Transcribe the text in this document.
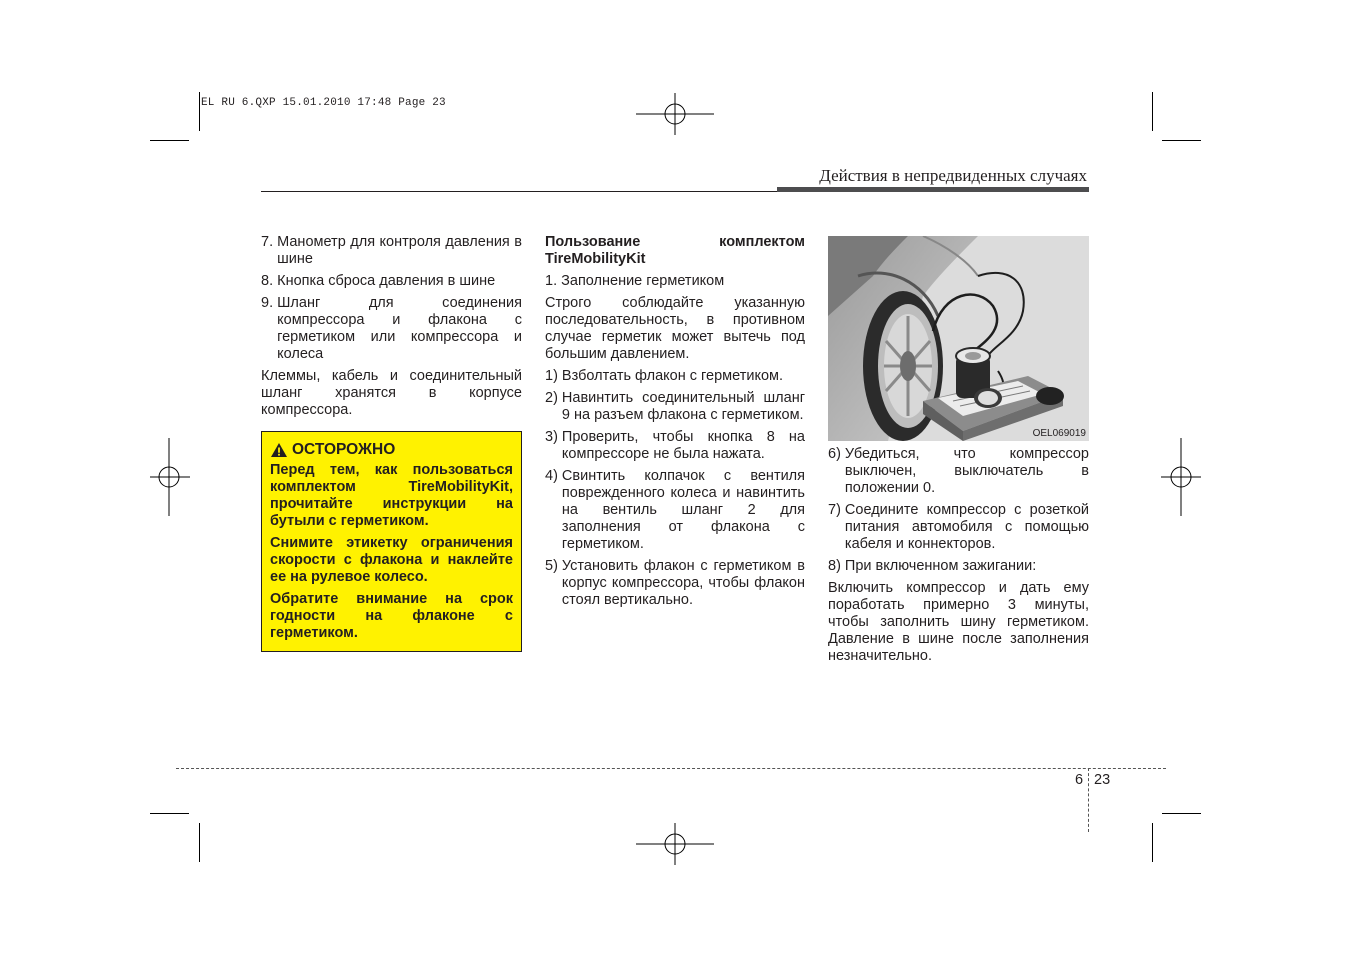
EL RU 6.QXP 15.01.2010 17:48 Page 23
Действия в непредвиденных случаях
7. Манометр для контроля давления в шине
8. Кнопка сброса давления в шине
9. Шланг для соединения компрессора и флакона с герметиком или компрессора и колеса

Клеммы, кабель и соединительный шланг хранятся в корпусе компрессора.

ОСТОРОЖНО

Перед тем, как пользоваться комплектом TireMobilityKit, прочитайте инструкции на бутыли с герметиком.

Снимите этикетку ограничения скорости с флакона и наклейте ее на рулевое колесо.

Обратите внимание на срок годности на флаконе с герметиком.

Пользование комплектом TireMobilityKit

1. Заполнение герметиком

Строго соблюдайте указанную последовательность, в противном случае герметик может вытечь под большим давлением.

1) Взболтать флакон с герметиком.
2) Навинтить соединительный шланг 9 на разъем флакона с герметиком.
3) Проверить, чтобы кнопка 8 на компрессоре не была нажата.
4) Свинтить колпачок с вентиля поврежденного колеса и навинтить на вентиль шланг 2 для заполнения от флакона с герметиком.
5) Установить флакон с герметиком в корпус компрессора, чтобы флакон стоял вертикально.
OEL069019
6) Убедиться, что компрессор выключен, выключатель в положении 0.
7) Соедините компрессор с розеткой питания автомобиля с помощью кабеля и коннекторов.

8) При включенном зажигании:

Включить компрессор и дать ему поработать примерно 3 минуты, чтобы заполнить шину герметиком. Давление в шине после заполнения незначительно.

6 23
